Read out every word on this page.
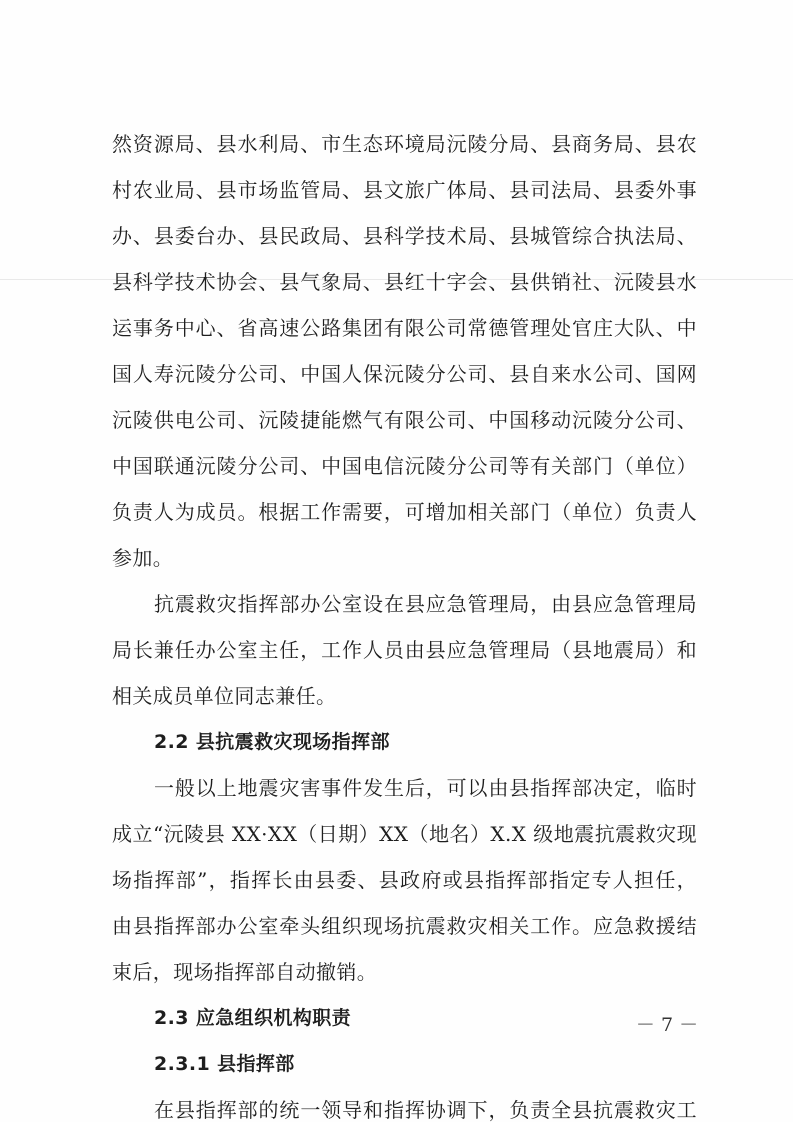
然资源局、县水利局、市生态环境局沅陵分局、县商务局、县农
村农业局、县市场监管局、县文旅广体局、县司法局、县委外事
办、县委台办、县民政局、县科学技术局、县城管综合执法局、
县科学技术协会、县气象局、县红十字会、县供销社、沅陵县水
运事务中心、省高速公路集团有限公司常德管理处官庄大队、中
国人寿沅陵分公司、中国人保沅陵分公司、县自来水公司、国网
沅陵供电公司、沅陵捷能燃气有限公司、中国移动沅陵分公司、
中国联通沅陵分公司、中国电信沅陵分公司等有关部门（单位）
负责人为成员。根据工作需要，可增加相关部门（单位）负责人
参加。
抗震救灾指挥部办公室设在县应急管理局，由县应急管理局
局长兼任办公室主任，工作人员由县应急管理局（县地震局）和
相关成员单位同志兼任。
2.2 县抗震救灾现场指挥部
一般以上地震灾害事件发生后，可以由县指挥部决定，临时
成立“沅陵县 XX·XX（日期）XX（地名）X.X 级地震抗震救灾现
场指挥部”，指挥长由县委、县政府或县指挥部指定专人担任，
由县指挥部办公室牵头组织现场抗震救灾相关工作。应急救援结
束后，现场指挥部自动撤销。
2.3 应急组织机构职责
2.3.1 县指挥部
在县指挥部的统一领导和指挥协调下，负责全县抗震救灾工
－ 7 －
